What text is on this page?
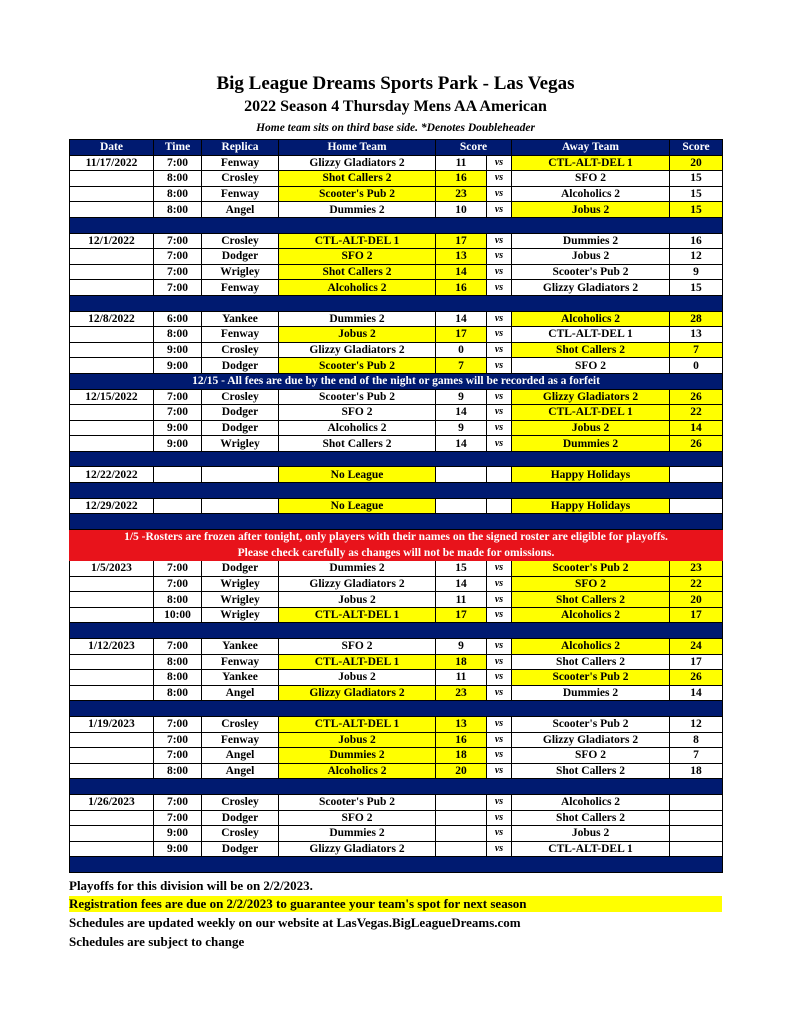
Big League Dreams Sports Park - Las Vegas
2022 Season 4 Thursday Mens AA American
Home team sits on third base side. *Denotes Doubleheader
Date	Time	Replica	Home Team	Score		Away Team	Score
11/17/2022	7:00	Fenway	Glizzy Gladiators 2	11	vs	CTL-ALT-DEL 1	20
	8:00	Crosley	Shot Callers 2	16	vs	SFO 2	15
	8:00	Fenway	Scooter's Pub 2	23	vs	Alcoholics 2	15
	8:00	Angel	Dummies 2	10	vs	Jobus 2	15

12/1/2022	7:00	Crosley	CTL-ALT-DEL 1	17	vs	Dummies 2	16
	7:00	Dodger	SFO 2	13	vs	Jobus 2	12
	7:00	Wrigley	Shot Callers 2	14	vs	Scooter's Pub 2	9
	7:00	Fenway	Alcoholics 2	16	vs	Glizzy Gladiators 2	15

12/8/2022	6:00	Yankee	Dummies 2	14	vs	Alcoholics 2	28
	8:00	Fenway	Jobus 2	17	vs	CTL-ALT-DEL 1	13
	9:00	Crosley	Glizzy Gladiators 2	0	vs	Shot Callers 2	7
	9:00	Dodger	Scooter's Pub 2	7	vs	SFO 2	0
12/15 - All fees are due by the end of the night or games will be recorded as a forfeit							
12/15/2022	7:00	Crosley	Scooter's Pub 2	9	vs	Glizzy Gladiators 2	26
	7:00	Dodger	SFO 2	14	vs	CTL-ALT-DEL 1	22
	9:00	Dodger	Alcoholics 2	9	vs	Jobus 2	14
	9:00	Wrigley	Shot Callers 2	14	vs	Dummies 2	26

12/22/2022			No League			Happy Holidays	

12/29/2022			No League			Happy Holidays	

1/5 -Rosters are frozen after tonight, only players with their names on the signed roster are eligible for playoffs.							
Please check carefully as changes will not be made for omissions.							
1/5/2023	7:00	Dodger	Dummies 2	15	vs	Scooter's Pub 2	23
	7:00	Wrigley	Glizzy Gladiators 2	14	vs	SFO 2	22
	8:00	Wrigley	Jobus 2	11	vs	Shot Callers 2	20
	10:00	Wrigley	CTL-ALT-DEL 1	17	vs	Alcoholics 2	17

1/12/2023	7:00	Yankee	SFO 2	9	vs	Alcoholics 2	24
	8:00	Fenway	CTL-ALT-DEL 1	18	vs	Shot Callers 2	17
	8:00	Yankee	Jobus 2	11	vs	Scooter's Pub 2	26
	8:00	Angel	Glizzy Gladiators 2	23	vs	Dummies 2	14

1/19/2023	7:00	Crosley	CTL-ALT-DEL 1	13	vs	Scooter's Pub 2	12
	7:00	Fenway	Jobus 2	16	vs	Glizzy Gladiators 2	8
	7:00	Angel	Dummies 2	18	vs	SFO 2	7
	8:00	Angel	Alcoholics 2	20	vs	Shot Callers 2	18

1/26/2023	7:00	Crosley	Scooter's Pub 2		vs	Alcoholics 2	
	7:00	Dodger	SFO 2		vs	Shot Callers 2	
	9:00	Crosley	Dummies 2		vs	Jobus 2	
	9:00	Dodger	Glizzy Gladiators 2		vs	CTL-ALT-DEL 1	

Playoffs for this division will be on 2/2/2023.
Registration fees are due on 2/2/2023 to guarantee your team's spot for next season
Schedules are updated weekly on our website at LasVegas.BigLeagueDreams.com
Schedules are subject to change
